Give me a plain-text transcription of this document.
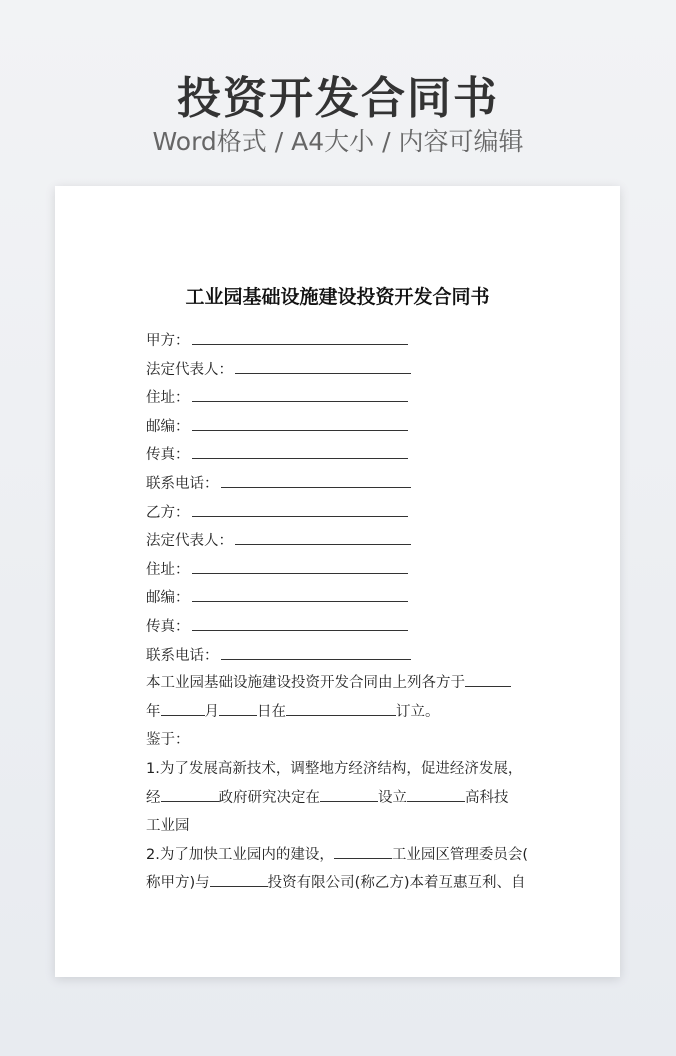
投资开发合同书
Word格式 / A4大小 / 内容可编辑
工业园基础设施建设投资开发合同书
甲方：
法定代表人：
住址：
邮编：
传真：
联系电话：
乙方：
法定代表人：
住址：
邮编：
传真：
联系电话：
本工业园基础设施建设投资开发合同由上列各方于
年	月	日在	订立。
鉴于：
1.为了发展高新技术，调整地方经济结构，促进经济发展，
经	政府研究决定在	设立	高科技
工业园
2.为了加快工业园内的建设，	工业园区管理委员会(
称甲方)与	投资有限公司(称乙方)本着互惠互利、自
